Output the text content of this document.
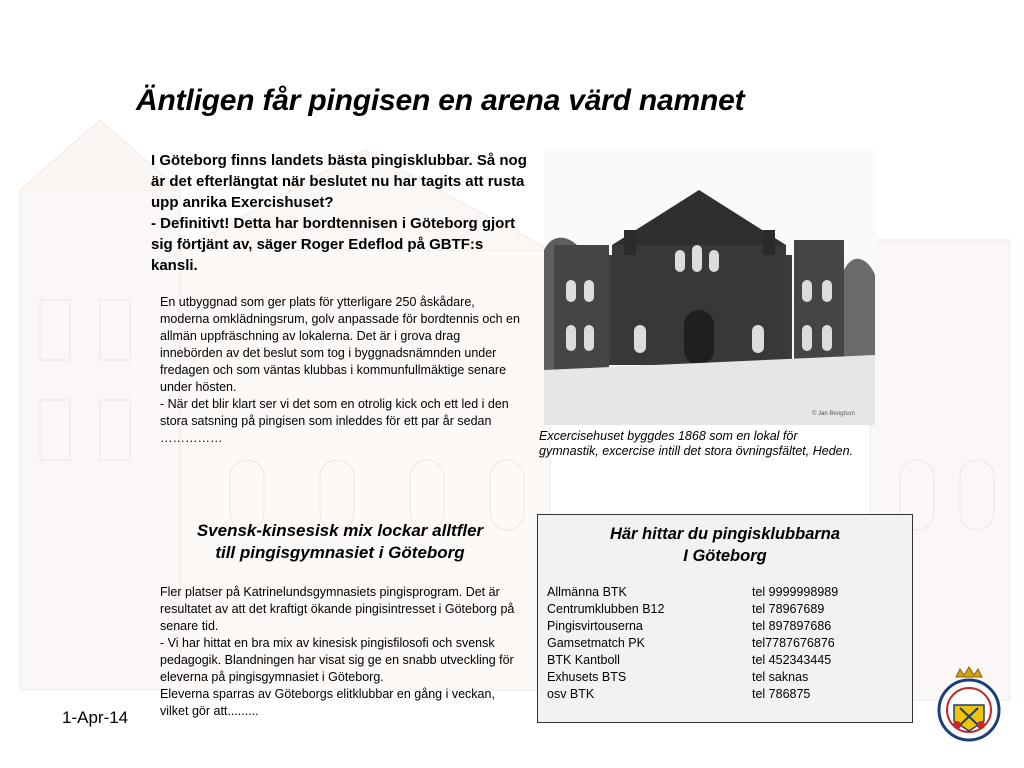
Äntligen får pingisen en arena värd namnet

I Göteborg finns landets bästa pingisklubbar. Så nog är det efterlängtat när beslutet nu har tagits att rusta upp anrika Exercishuset?

- Definitivt! Detta har bordtennisen i Göteborg gjort sig förtjänt av, säger Roger Edeflod på GBTF:s kansli.

En utbyggnad som ger plats för ytterligare 250 åskådare, moderna omklädningsrum, golv anpassade för bordtennis och en allmän uppfräschning av lokalerna. Det är i grova drag innebörden av det beslut som tog i byggnadsnämnden under fredagen och som väntas klubbas i kommunfullmäktige senare under hösten.

- När det blir klart ser vi det som en otrolig kick och ett led i den stora satsning på pingisen som inleddes för ett par år sedan ……………

© Jan Bengtson
Excercisehuset byggdes 1868 som en lokal för gymnastik, excercise intill det stora övningsfältet, Heden.
Svensk-kinsesisk mix lockar alltfler
till pingisgymnasiet i Göteborg

Fler platser på Katrinelundsgymnasiets pingisprogram. Det är resultatet av att det kraftigt ökande pingisintresset i Göteborg på senare tid.

- Vi har hittat en bra mix av kinesisk pingisfilosofi och svensk pedagogik. Blandningen har visat sig ge en snabb utveckling för eleverna på pingisgymnasiet i Göteborg.

Eleverna sparras av Göteborgs elitklubbar en gång i veckan, vilket gör att.........

Här hittar du pingisklubbarna
I Göteborg
Allmänna BTK	tel 9999998989
Centrumklubben B12	tel 78967689
Pingisvirtouserna	tel 897897686
Gamsetmatch PK	tel7787676876
BTK Kantboll	tel 452343445
Exhusets BTS	tel saknas
osv BTK	tel 786875
1-Apr-14
